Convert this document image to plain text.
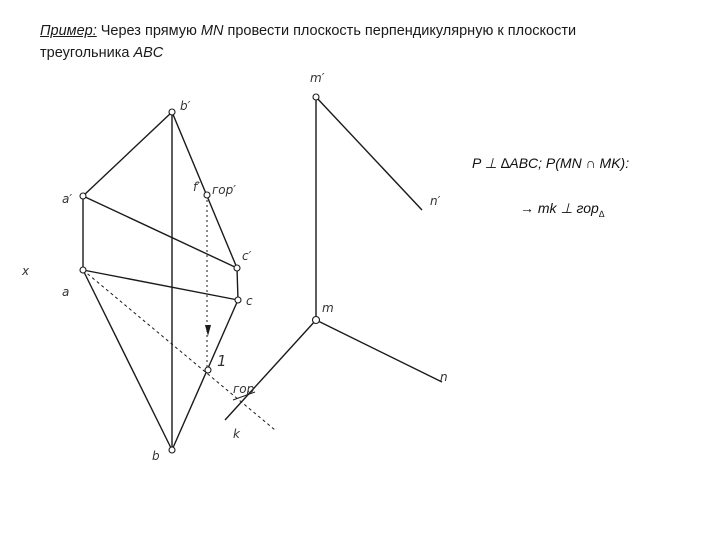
Пример: Через прямую MN провести плоскость перпендикулярную к плоскости треугольника ABC
b′
a′
c′
f′ гор′
x
a
c
1
гор
k
b
m′
n′
m
n
P ⊥ ∆ABC; P(MN ∩ MK):
→ mk ⊥ гор$_\Delta$
